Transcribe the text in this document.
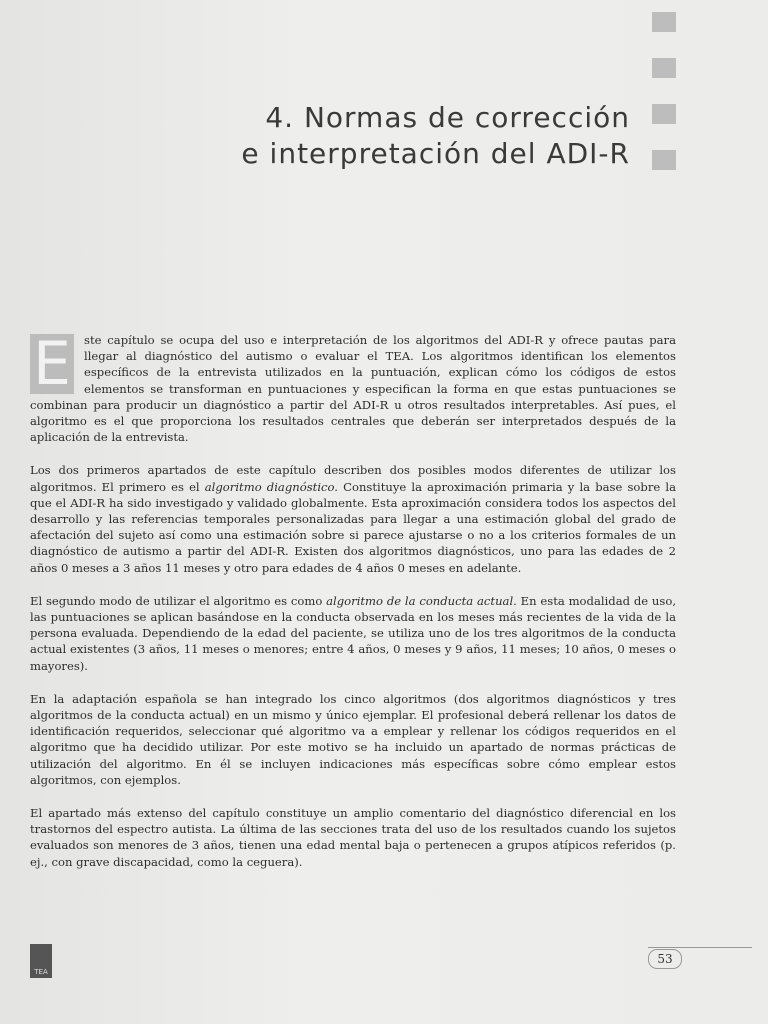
4. Normas de corrección
e interpretación del ADI-R

E ste capítulo se ocupa del uso e interpretación de los algoritmos del ADI-R y ofrece pautas para llegar al diagnóstico del autismo o evaluar el TEA. Los algoritmos identifican los elementos específicos de la entrevista utilizados en la puntuación, explican cómo los códigos de estos elementos se transforman en puntuaciones y especifican la forma en que estas puntuaciones se combinan para producir un diagnóstico a partir del ADI-R u otros resultados interpretables. Así pues, el algoritmo es el que proporciona los resultados centrales que deberán ser interpretados después de la aplicación de la entrevista.

Los dos primeros apartados de este capítulo describen dos posibles modos diferentes de utilizar los algoritmos. El primero es el algoritmo diagnóstico. Constituye la aproximación primaria y la base sobre la que el ADI-R ha sido investigado y validado globalmente. Esta aproximación considera todos los aspectos del desarrollo y las referencias temporales personalizadas para llegar a una estimación global del grado de afectación del sujeto así como una estimación sobre si parece ajustarse o no a los criterios formales de un diagnóstico de autismo a partir del ADI-R. Existen dos algoritmos diagnósticos, uno para las edades de 2 años 0 meses a 3 años 11 meses y otro para edades de 4 años 0 meses en adelante.

El segundo modo de utilizar el algoritmo es como algoritmo de la conducta actual. En esta modalidad de uso, las puntuaciones se aplican basándose en la conducta observada en los meses más recientes de la vida de la persona evaluada. Dependiendo de la edad del paciente, se utiliza uno de los tres algoritmos de la conducta actual existentes (3 años, 11 meses o menores; entre 4 años, 0 meses y 9 años, 11 meses; 10 años, 0 meses o mayores).

En la adaptación española se han integrado los cinco algoritmos (dos algoritmos diagnósticos y tres algoritmos de la conducta actual) en un mismo y único ejemplar. El profesional deberá rellenar los datos de identificación requeridos, seleccionar qué algoritmo va a emplear y rellenar los códigos requeridos en el algoritmo que ha decidido utilizar. Por este motivo se ha incluido un apartado de normas prácticas de utilización del algoritmo. En él se incluyen indicaciones más específicas sobre cómo emplear estos algoritmos, con ejemplos.

El apartado más extenso del capítulo constituye un amplio comentario del diagnóstico diferencial en los trastornos del espectro autista. La última de las secciones trata del uso de los resultados cuando los sujetos evaluados son menores de 3 años, tienen una edad mental baja o pertenecen a grupos atípicos referidos (p. ej., con grave discapacidad, como la ceguera).

TEA
53
